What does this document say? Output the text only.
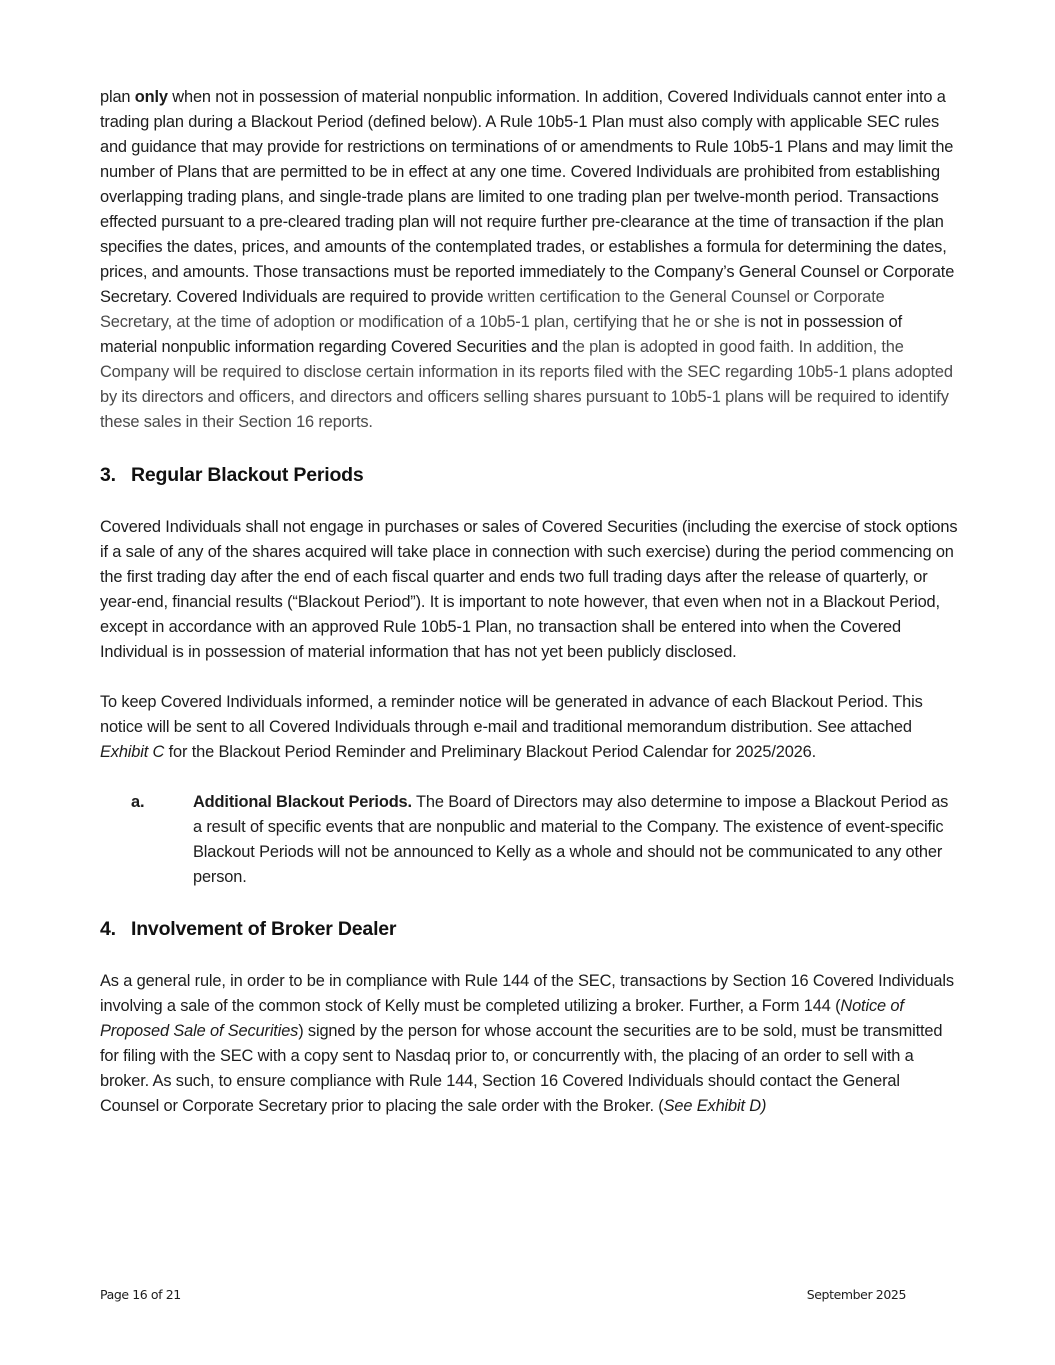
plan only when not in possession of material nonpublic information. In addition, Covered Individuals cannot enter into a trading plan during a Blackout Period (defined below). A Rule 10b5-1 Plan must also comply with applicable SEC rules and guidance that may provide for restrictions on terminations of or amendments to Rule 10b5-1 Plans and may limit the number of Plans that are permitted to be in effect at any one time. Covered Individuals are prohibited from establishing overlapping trading plans, and single-trade plans are limited to one trading plan per twelve-month period. Transactions effected pursuant to a pre-cleared trading plan will not require further pre-clearance at the time of transaction if the plan specifies the dates, prices, and amounts of the contemplated trades, or establishes a formula for determining the dates, prices, and amounts. Those transactions must be reported immediately to the Company’s General Counsel or Corporate Secretary. Covered Individuals are required to provide written certification to the General Counsel or Corporate Secretary, at the time of adoption or modification of a 10b5-1 plan, certifying that he or she is not in possession of material nonpublic information regarding Covered Securities and the plan is adopted in good faith. In addition, the Company will be required to disclose certain information in its reports filed with the SEC regarding 10b5-1 plans adopted by its directors and officers, and directors and officers selling shares pursuant to 10b5-1 plans will be required to identify these sales in their Section 16 reports.

3. Regular Blackout Periods

Covered Individuals shall not engage in purchases or sales of Covered Securities (including the exercise of stock options if a sale of any of the shares acquired will take place in connection with such exercise) during the period commencing on the first trading day after the end of each fiscal quarter and ends two full trading days after the release of quarterly, or year-end, financial results (“Blackout Period”). It is important to note however, that even when not in a Blackout Period, except in accordance with an approved Rule 10b5-1 Plan, no transaction shall be entered into when the Covered Individual is in possession of material information that has not yet been publicly disclosed.

To keep Covered Individuals informed, a reminder notice will be generated in advance of each Blackout Period. This notice will be sent to all Covered Individuals through e-mail and traditional memorandum distribution. See attached Exhibit C for the Blackout Period Reminder and Preliminary Blackout Period Calendar for 2025/2026.

a.	Additional Blackout Periods. The Board of Directors may also determine to impose a Blackout Period as a result of specific events that are nonpublic and material to the Company. The existence of event-specific Blackout Periods will not be announced to Kelly as a whole and should not be communicated to any other person.

4. Involvement of Broker Dealer

As a general rule, in order to be in compliance with Rule 144 of the SEC, transactions by Section 16 Covered Individuals involving a sale of the common stock of Kelly must be completed utilizing a broker. Further, a Form 144 (Notice of Proposed Sale of Securities) signed by the person for whose account the securities are to be sold, must be transmitted for filing with the SEC with a copy sent to Nasdaq prior to, or concurrently with, the placing of an order to sell with a broker. As such, to ensure compliance with Rule 144, Section 16 Covered Individuals should contact the General Counsel or Corporate Secretary prior to placing the sale order with the Broker. (See Exhibit D)

Page 16 of 21	September 2025
